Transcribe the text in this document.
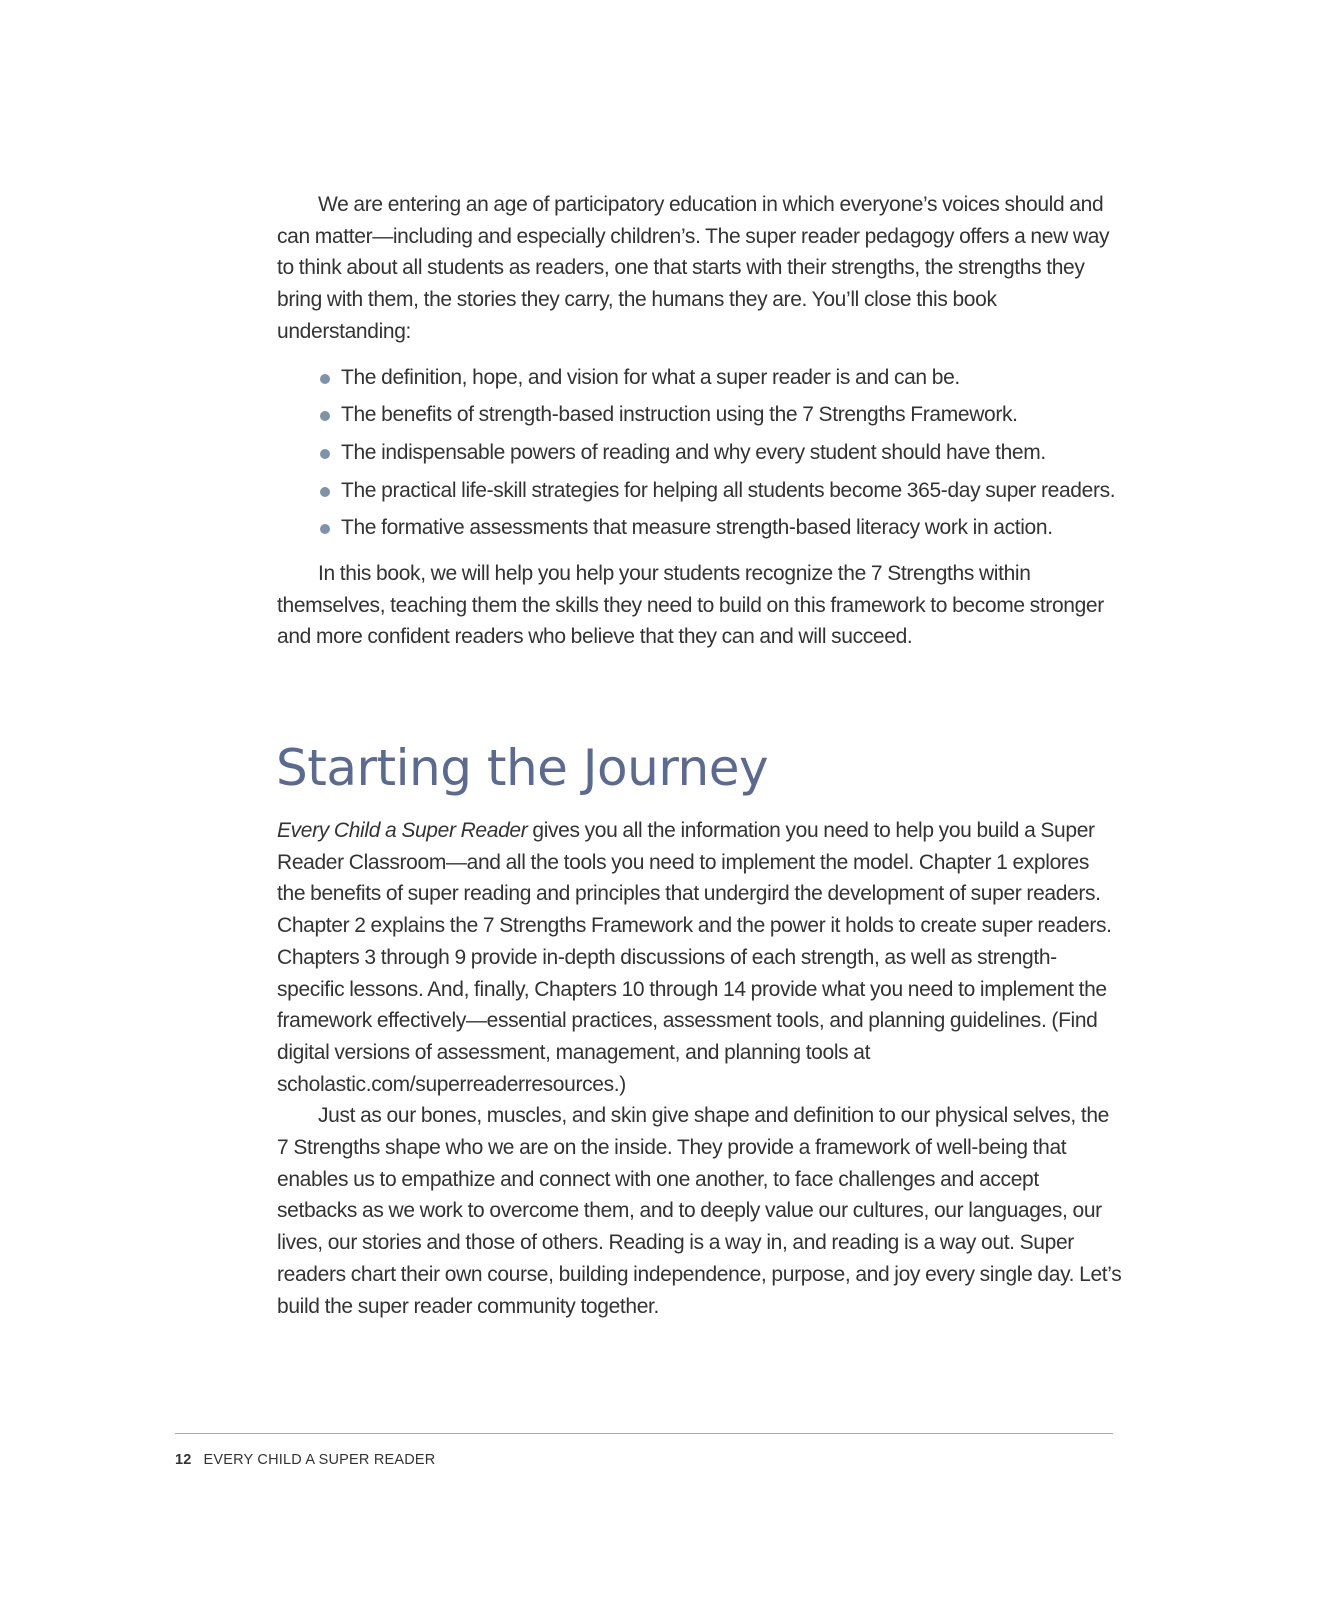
We are entering an age of participatory education in which everyone’s voices should and can matter—including and especially children’s. The super reader pedagogy offers a new way to think about all students as readers, one that starts with their strengths, the strengths they bring with them, the stories they carry, the humans they are. You’ll close this book understanding:

The definition, hope, and vision for what a super reader is and can be.
The benefits of strength-based instruction using the 7 Strengths Framework.
The indispensable powers of reading and why every student should have them.
The practical life-skill strategies for helping all students become 365-day super readers.
The formative assessments that measure strength-based literacy work in action.

In this book, we will help you help your students recognize the 7 Strengths within themselves, teaching them the skills they need to build on this framework to become stronger and more confident readers who believe that they can and will succeed.

Starting the Journey

Every Child a Super Reader gives you all the information you need to help you build a Super Reader Classroom—and all the tools you need to implement the model. Chapter 1 explores the benefits of super reading and principles that undergird the development of super readers. Chapter 2 explains the 7 Strengths Framework and the power it holds to create super readers. Chapters 3 through 9 provide in-depth discussions of each strength, as well as strength-specific lessons. And, finally, Chapters 10 through 14 provide what you need to implement the framework effectively—essential practices, assessment tools, and planning guidelines. (Find digital versions of assessment, management, and planning tools at scholastic.com/superreaderresources.)

Just as our bones, muscles, and skin give shape and definition to our physical selves, the 7 Strengths shape who we are on the inside. They provide a framework of well-being that enables us to empathize and connect with one another, to face challenges and accept setbacks as we work to overcome them, and to deeply value our cultures, our languages, our lives, our stories and those of others. Reading is a way in, and reading is a way out. Super readers chart their own course, building independence, purpose, and joy every single day. Let’s build the super reader community together.

12 EVERY CHILD A SUPER READER
